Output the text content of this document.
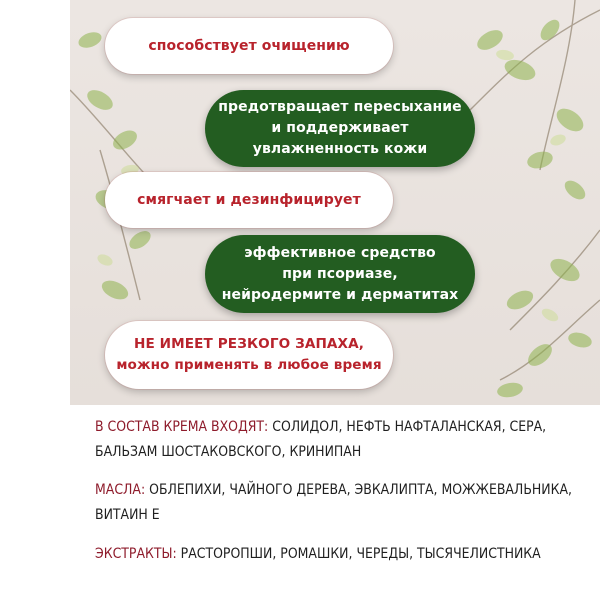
способствует очищению
предотвращает пересыхание
и поддерживает
увлажненность кожи
смягчает и дезинфицирует
эффективное средство
при псориазе,
нейродермите и дерматитах
НЕ ИМЕЕТ РЕЗКОГО ЗАПАХА,
можно применять в любое время

В СОСТАВ КРЕМА ВХОДЯТ: СОЛИДОЛ, НЕФТЬ НАФТАЛАНСКАЯ, СЕРА, БАЛЬЗАМ ШОСТАКОВСКОГО, КРИНИПАН

МАСЛА: ОБЛЕПИХИ, ЧАЙНОГО ДЕРЕВА, ЭВКАЛИПТА, МОЖЖЕВАЛЬНИКА, ВИТАИН Е

ЭКСТРАКТЫ: РАСТОРОПШИ, РОМАШКИ, ЧЕРЕДЫ, ТЫСЯЧЕЛИСТНИКА
